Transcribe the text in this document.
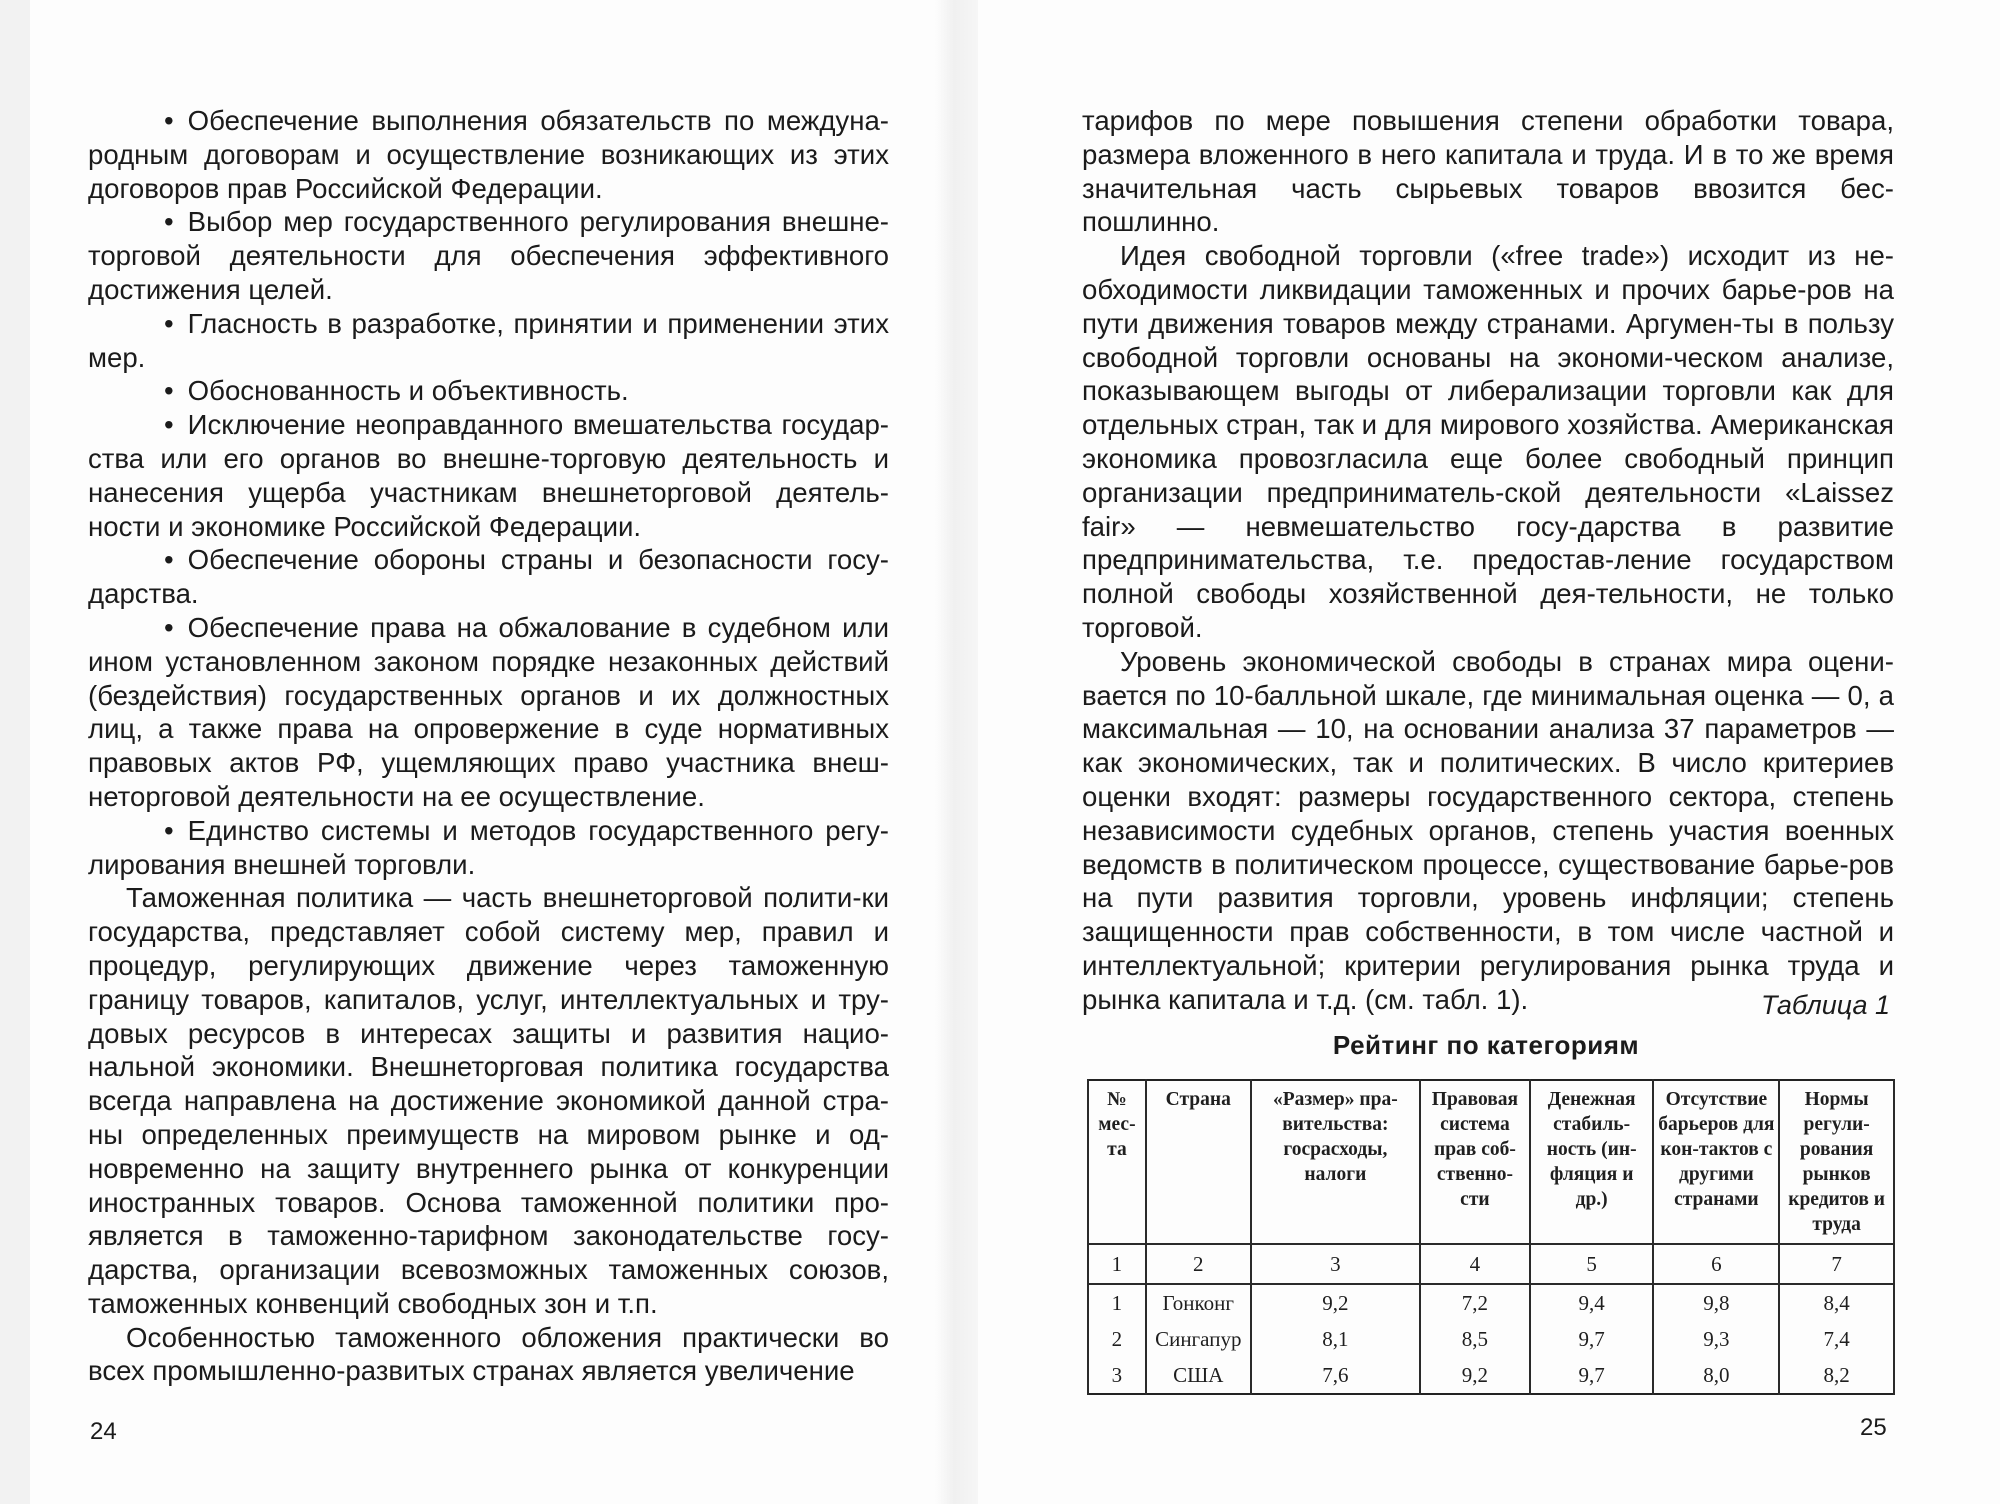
• Обеспечение выполнения обязательств по междуна-родным договорам и осуществление возникающих из этих договоров прав Российской Федерации.

• Выбор мер государственного регулирования внешне-торговой деятельности для обеспечения эффективного достижения целей.

• Гласность в разработке, принятии и применении этих мер.

• Обоснованность и объективность.

• Исключение неоправданного вмешательства государ-ства или его органов во внешне-торговую деятельность и нанесения ущерба участникам внешнеторговой деятель-ности и экономике Российской Федерации.

• Обеспечение обороны страны и безопасности госу-дарства.

• Обеспечение права на обжалование в судебном или ином установленном законом порядке незаконных действий (бездействия) государственных органов и их должностных лиц, а также права на опровержение в суде нормативных правовых актов РФ, ущемляющих право участника внеш-неторговой деятельности на ее осуществление.

• Единство системы и методов государственного регу-лирования внешней торговли.

Таможенная политика — часть внешнеторговой полити-ки государства, представляет собой систему мер, правил и процедур, регулирующих движение через таможенную границу товаров, капиталов, услуг, интеллектуальных и тру-довых ресурсов в интересах защиты и развития нацио-нальной экономики. Внешнеторговая политика государства всегда направлена на достижение экономикой данной стра-ны определенных преимуществ на мировом рынке и од-новременно на защиту внутреннего рынка от конкуренции иностранных товаров. Основа таможенной политики про-является в таможенно-тарифном законодательстве госу-дарства, организации всевозможных таможенных союзов, таможенных конвенций свободных зон и т.п.

Особенностью таможенного обложения практически во всех промышленно-развитых странах является увеличение

24

тарифов по мере повышения степени обработки товара, размера вложенного в него капитала и труда. И в то же время значительная часть сырьевых товаров ввозится бес-пошлинно.

Идея свободной торговли («free trade») исходит из не-обходимости ликвидации таможенных и прочих барье-ров на пути движения товаров между странами. Аргумен-ты в пользу свободной торговли основаны на экономи-ческом анализе, показывающем выгоды от либерализации торговли как для отдельных стран, так и для мирового хозяйства. Американская экономика провозгласила еще более свободный принцип организации предприниматель-ской деятельности «Laissez fair» — невмешательство госу-дарства в развитие предпринимательства, т.е. предостав-ление государством полной свободы хозяйственной дея-тельности, не только торговой.

Уровень экономической свободы в странах мира оцени-вается по 10-балльной шкале, где минимальная оценка — 0, а максимальная — 10, на основании анализа 37 параметров — как экономических, так и политических. В число критериев оценки входят: размеры государственного сектора, степень независимости судебных органов, степень участия военных ведомств в политическом процессе, существование барье-ров на пути развития торговли, уровень инфляции; степень защищенности прав собственности, в том числе частной и интеллектуальной; критерии регулирования рынка труда и рынка капитала и т.д. (см. табл. 1).	Таблица 1
Рейтинг по категориям
№ мес-та	Страна	«Размер» пра-вительства: госрасходы, налоги	Правовая система прав соб-ственно-сти	Денежная стабиль-ность (ин-фляция и др.)	Отсутствие барьеров для кон-тактов с другими странами	Нормы регули-рования рынков кредитов и труда
1	2	3	4	5	6	7
1	Гонконг	9,2	7,2	9,4	9,8	8,4
2	Сингапур	8,1	8,5	9,7	9,3	7,4
3	США	7,6	9,2	9,7	8,0	8,2
25
